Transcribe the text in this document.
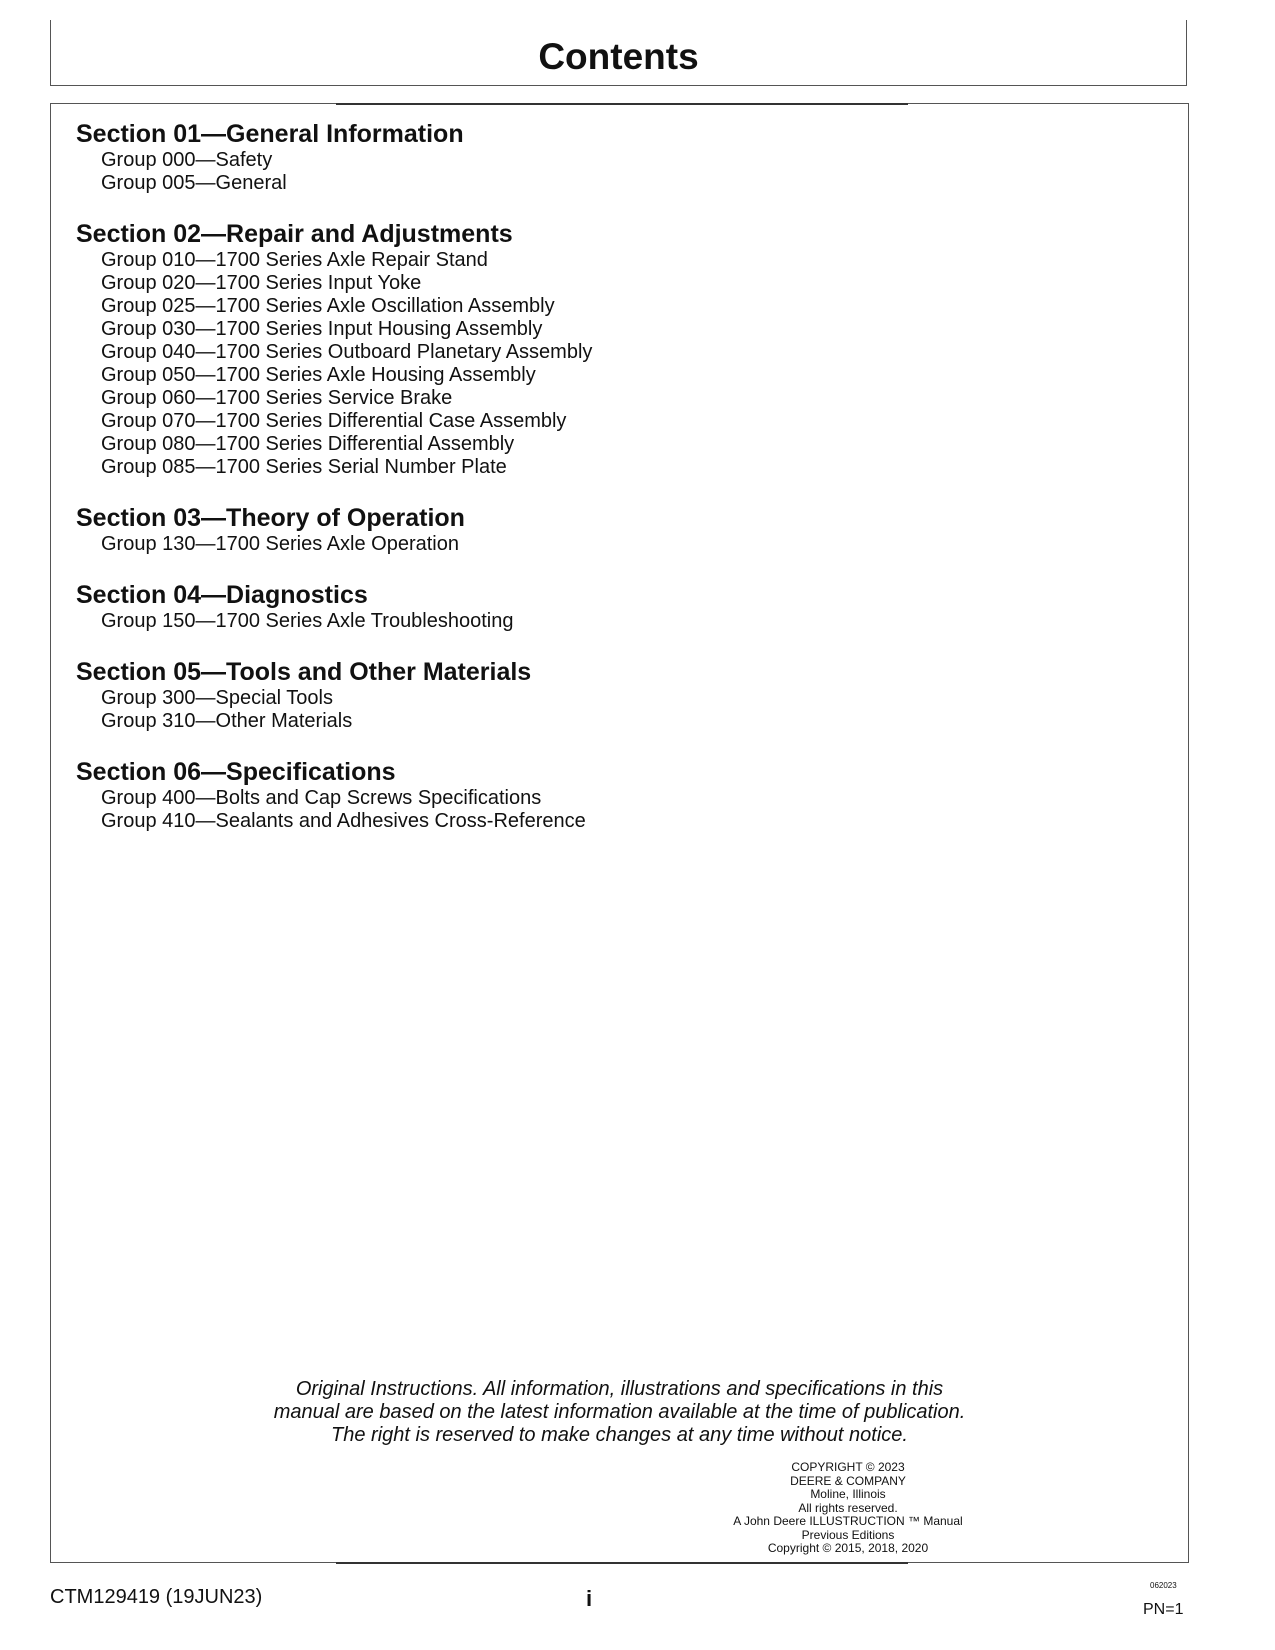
Contents
Section 01—General Information
Group 000—Safety
Group 005—General
Section 02—Repair and Adjustments
Group 010—1700 Series Axle Repair Stand
Group 020—1700 Series Input Yoke
Group 025—1700 Series Axle Oscillation Assembly
Group 030—1700 Series Input Housing Assembly
Group 040—1700 Series Outboard Planetary Assembly
Group 050—1700 Series Axle Housing Assembly
Group 060—1700 Series Service Brake
Group 070—1700 Series Differential Case Assembly
Group 080—1700 Series Differential Assembly
Group 085—1700 Series Serial Number Plate
Section 03—Theory of Operation
Group 130—1700 Series Axle Operation
Section 04—Diagnostics
Group 150—1700 Series Axle Troubleshooting
Section 05—Tools and Other Materials
Group 300—Special Tools
Group 310—Other Materials
Section 06—Specifications
Group 400—Bolts and Cap Screws Specifications
Group 410—Sealants and Adhesives Cross-Reference
Original Instructions. All information, illustrations and specifications in this
manual are based on the latest information available at the time of publication.
The right is reserved to make changes at any time without notice.
COPYRIGHT © 2023
DEERE & COMPANY
Moline, Illinois
All rights reserved.
A John Deere ILLUSTRUCTION ™ Manual
Previous Editions
Copyright © 2015, 2018, 2020
CTM129419 (19JUN23)	i
062023
PN=1
